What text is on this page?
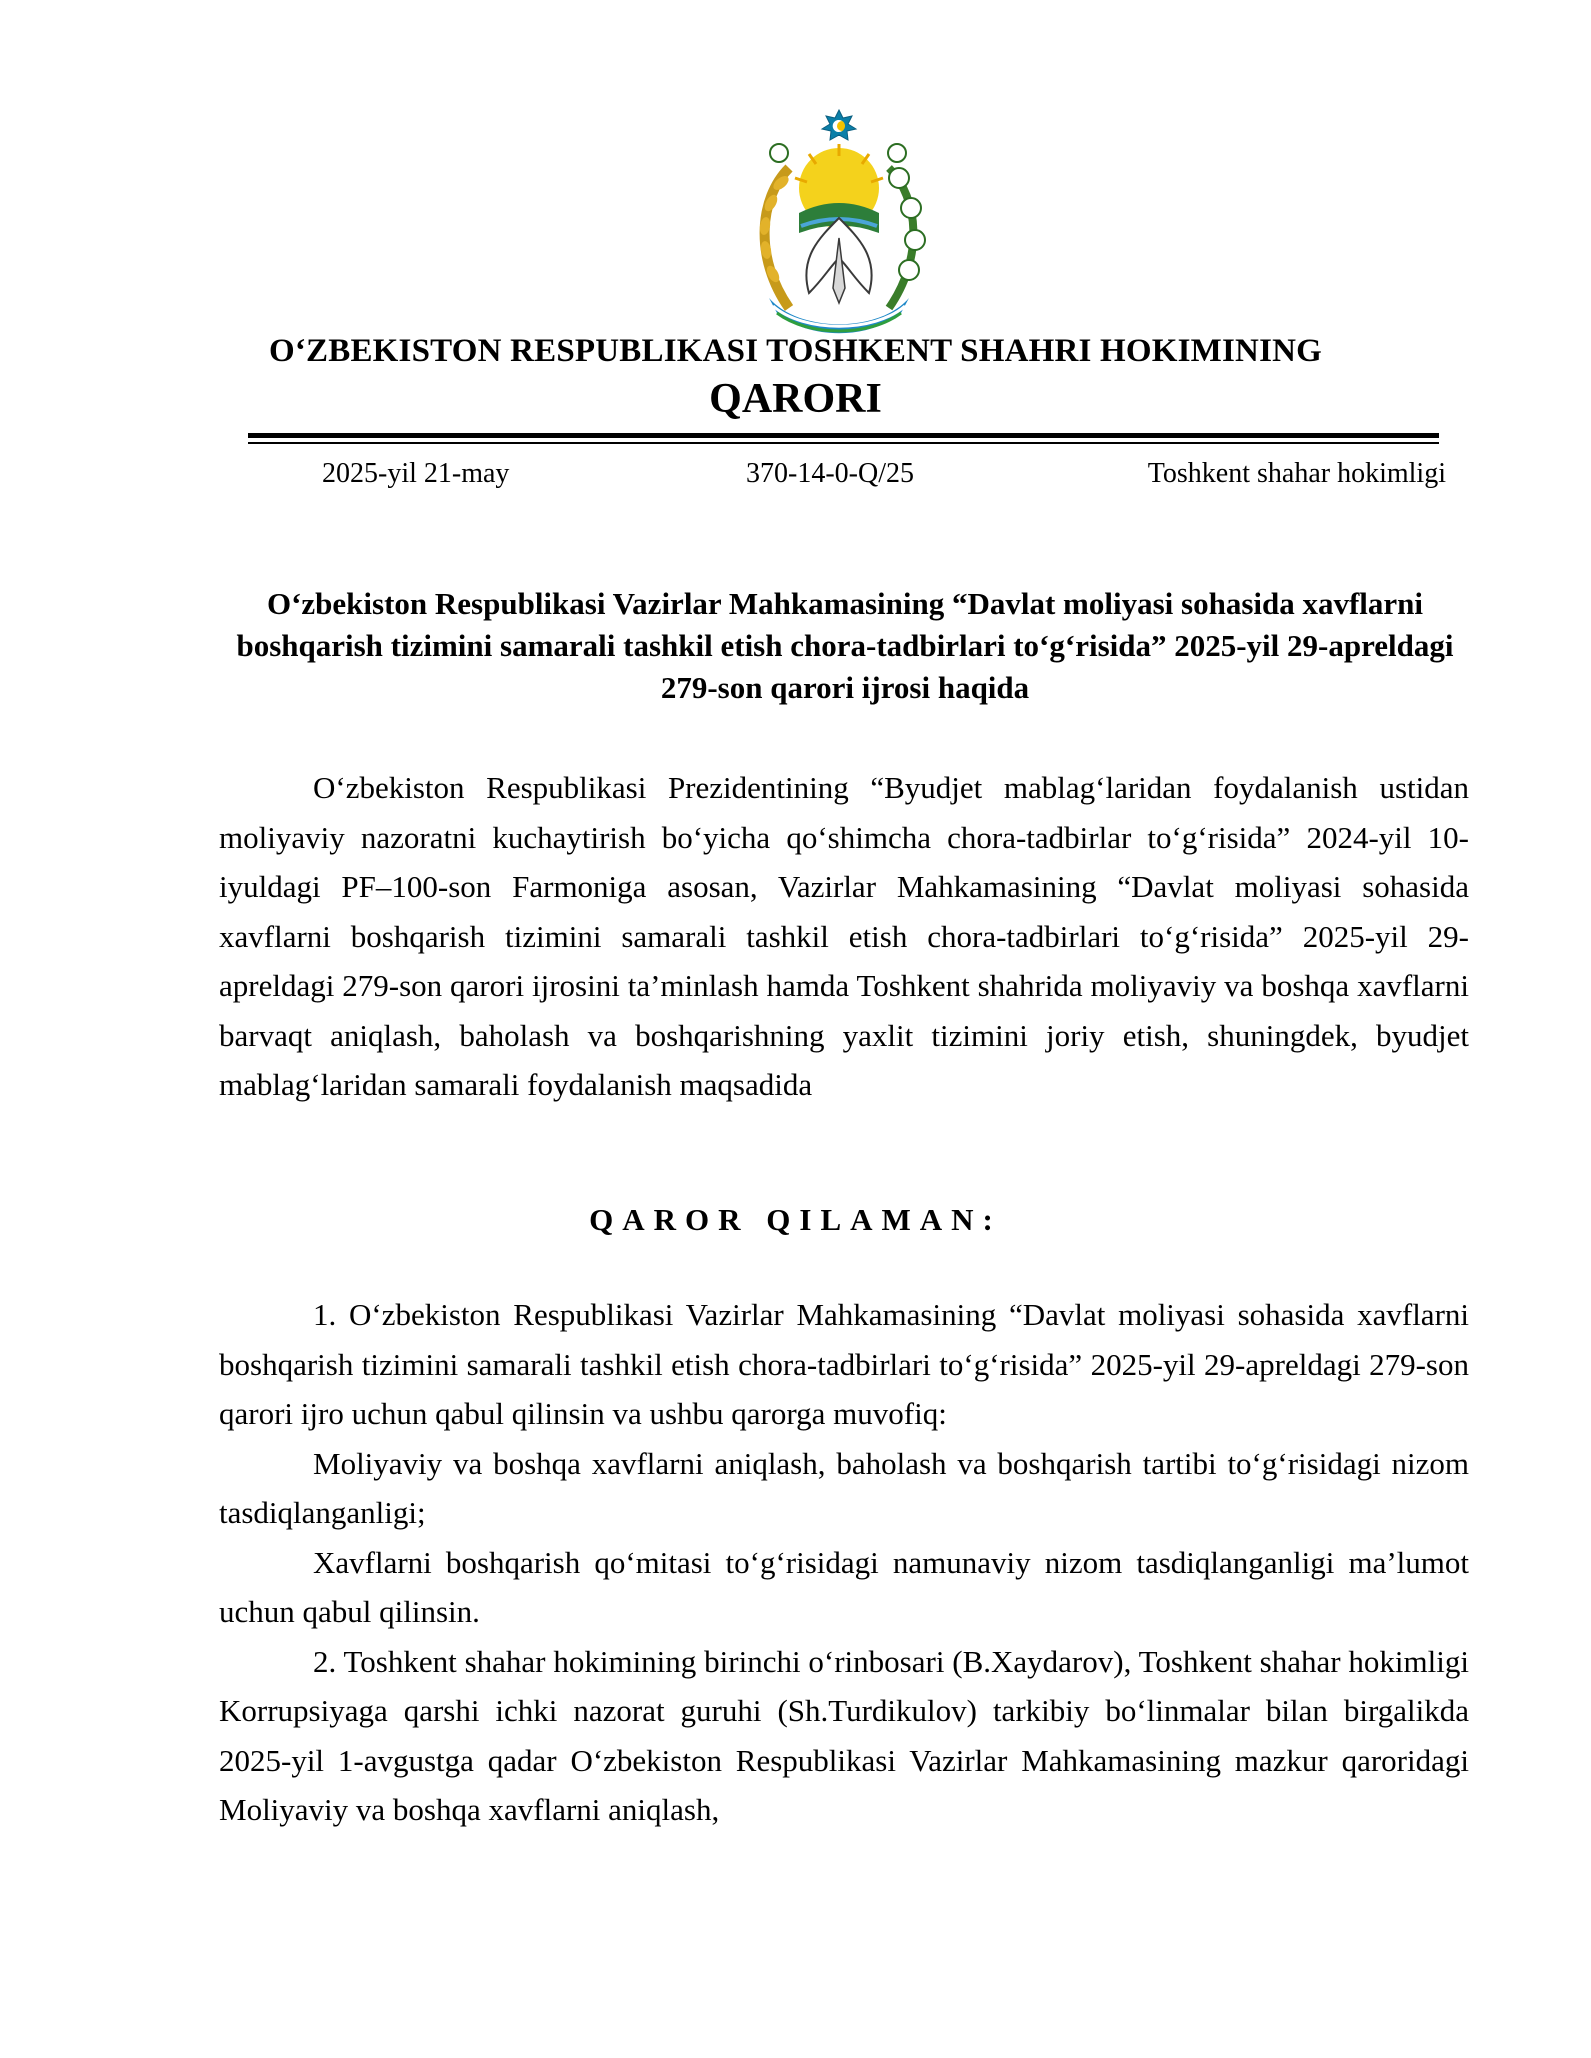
O‘ZBEKISTON RESPUBLIKASI TOSHKENT SHAHRI HOKIMINING
QARORI
2025-yil 21-may	370-14-0-Q/25	Toshkent shahar hokimligi
O‘zbekiston Respublikasi Vazirlar Mahkamasining “Davlat moliyasi sohasida xavflarni boshqarish tizimini samarali tashkil etish chora-tadbirlari to‘g‘risida” 2025-yil 29-apreldagi 279-son qarori ijrosi haqida

O‘zbekiston Respublikasi Prezidentining “Byudjet mablag‘laridan foydalanish ustidan moliyaviy nazoratni kuchaytirish bo‘yicha qo‘shimcha chora-tadbirlar to‘g‘risida” 2024-yil 10-iyuldagi PF–100-son Farmoniga asosan, Vazirlar Mahkamasining “Davlat moliyasi sohasida xavflarni boshqarish tizimini samarali tashkil etish chora-tadbirlari to‘g‘risida” 2025-yil 29-apreldagi 279-son qarori ijrosini ta’minlash hamda Toshkent shahrida moliyaviy va boshqa xavflarni barvaqt aniqlash, baholash va boshqarishning yaxlit tizimini joriy etish, shuningdek, byudjet mablag‘laridan samarali foydalanish maqsadida

QAROR QILAMAN:

1. O‘zbekiston Respublikasi Vazirlar Mahkamasining “Davlat moliyasi sohasida xavflarni boshqarish tizimini samarali tashkil etish chora-tadbirlari to‘g‘risida” 2025-yil 29-apreldagi 279-son qarori ijro uchun qabul qilinsin va ushbu qarorga muvofiq:

Moliyaviy va boshqa xavflarni aniqlash, baholash va boshqarish tartibi to‘g‘risidagi nizom tasdiqlanganligi;

Xavflarni boshqarish qo‘mitasi to‘g‘risidagi namunaviy nizom tasdiqlanganligi ma’lumot uchun qabul qilinsin.

2. Toshkent shahar hokimining birinchi o‘rinbosari (B.Xaydarov), Toshkent shahar hokimligi Korrupsiyaga qarshi ichki nazorat guruhi (Sh.Turdikulov) tarkibiy bo‘linmalar bilan birgalikda 2025-yil 1-avgustga qadar O‘zbekiston Respublikasi Vazirlar Mahkamasining mazkur qaroridagi Moliyaviy va boshqa xavflarni aniqlash,
